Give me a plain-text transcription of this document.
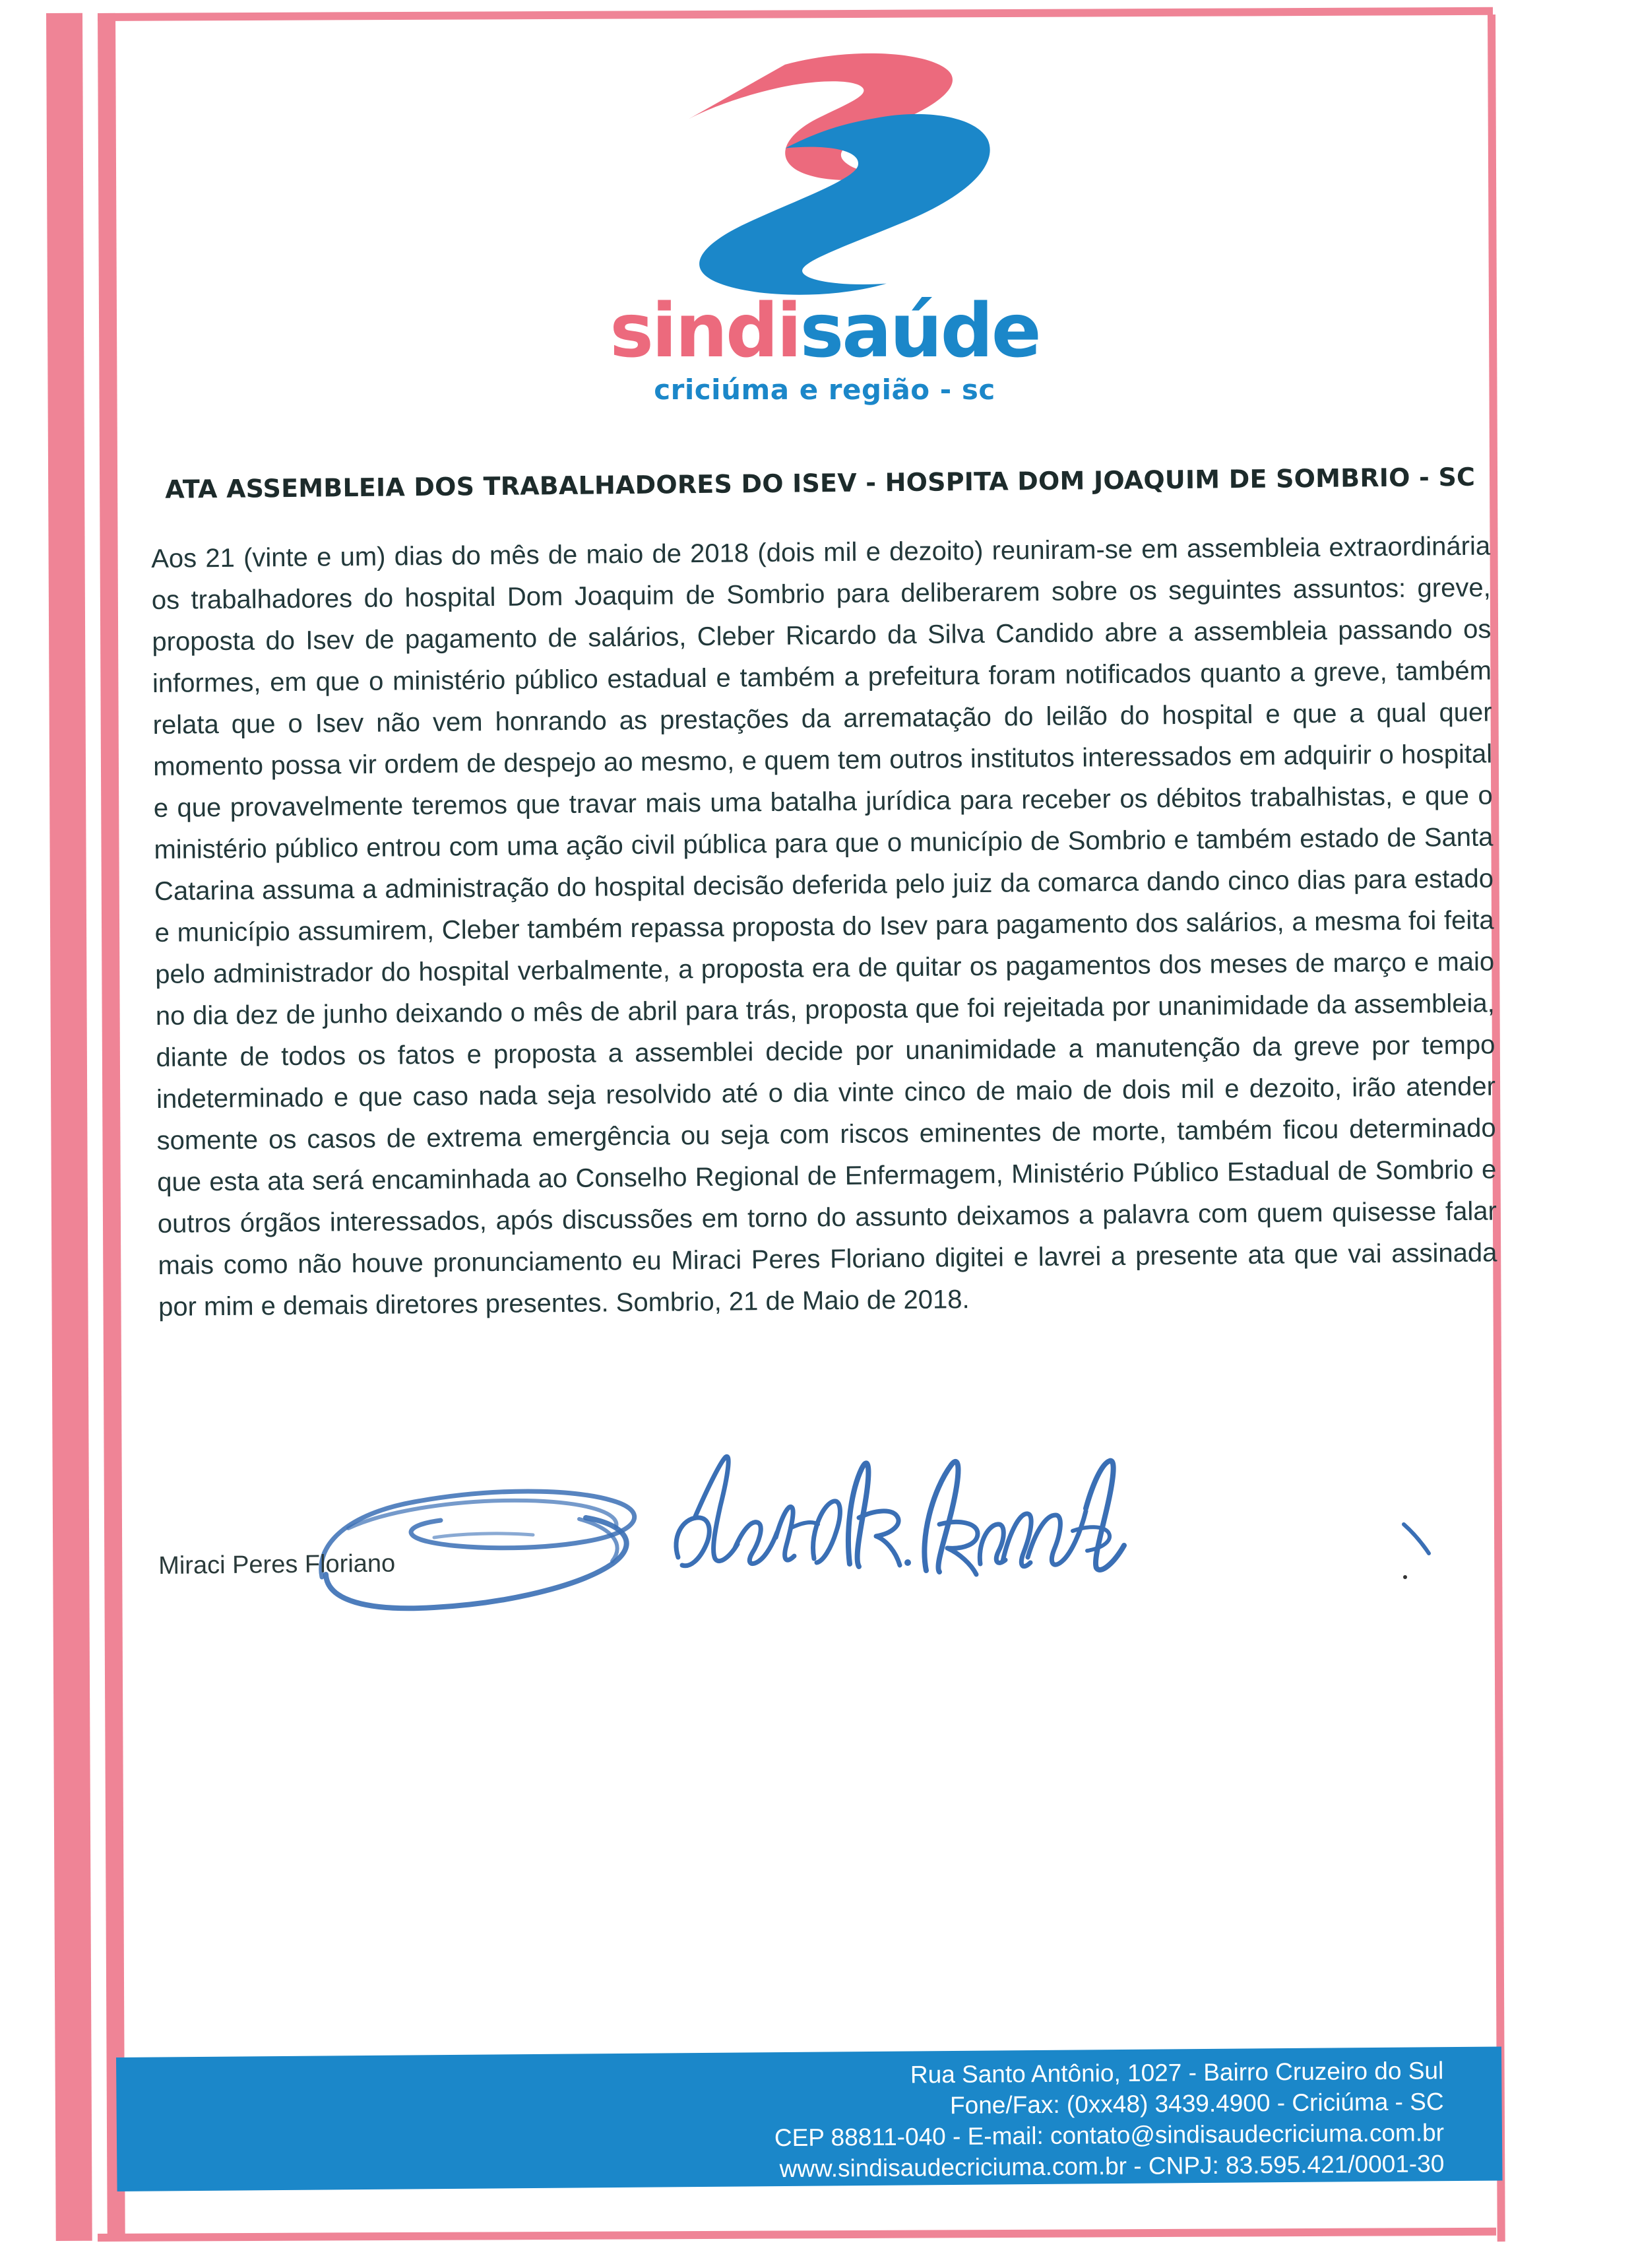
sindisaúde
criciúma e região - sc
ATA ASSEMBLEIA DOS TRABALHADORES DO ISEV - HOSPITA DOM JOAQUIM DE SOMBRIO - SC

Aos 21 (vinte e um) dias do mês de maio de 2018 (dois mil e dezoito) reuniram-se em assembleia extraordinária os trabalhadores do hospital Dom Joaquim de Sombrio para deliberarem sobre os seguintes assuntos: greve, proposta do Isev de pagamento de salários, Cleber Ricardo da Silva Candido abre a assembleia passando os informes, em que o ministério público estadual e também a prefeitura foram notificados quanto a greve, também relata que o Isev não vem honrando as prestações da arrematação do leilão do hospital e que a qual quer momento possa vir ordem de despejo ao mesmo, e quem tem outros institutos interessados em adquirir o hospital e que provavelmente teremos que travar mais uma batalha jurídica para receber os débitos trabalhistas, e que o ministério público entrou com uma ação civil pública para que o município de Sombrio e também estado de Santa Catarina assuma a administração do hospital decisão deferida pelo juiz da comarca dando cinco dias para estado e município assumirem, Cleber também repassa proposta do Isev para pagamento dos salários, a mesma foi feita pelo administrador do hospital verbalmente, a proposta era de quitar os pagamentos dos meses de março e maio no dia dez de junho deixando o mês de abril para trás, proposta que foi rejeitada por unanimidade da assembleia, diante de todos os fatos e proposta a assemblei decide por unanimidade a manutenção da greve por tempo indeterminado e que caso nada seja resolvido até o dia vinte cinco de maio de dois mil e dezoito, irão atender somente os casos de extrema emergência ou seja com riscos eminentes de morte, também ficou determinado que esta ata será encaminhada ao Conselho Regional de Enfermagem, Ministério Público Estadual de Sombrio e outros órgãos interessados, após discussões em torno do assunto deixamos a palavra com quem quisesse falar mais como não houve pronunciamento eu Miraci Peres Floriano digitei e lavrei a presente ata que vai assinada por mim e demais diretores presentes. Sombrio, 21 de Maio de 2018.

Miraci Peres Floriano
Rua Santo Antônio, 1027 - Bairro Cruzeiro do Sul
Fone/Fax: (0xx48) 3439.4900 - Criciúma - SC
CEP 88811-040 - E-mail: contato@sindisaudecriciuma.com.br
www.sindisaudecriciuma.com.br - CNPJ: 83.595.421/0001-30
